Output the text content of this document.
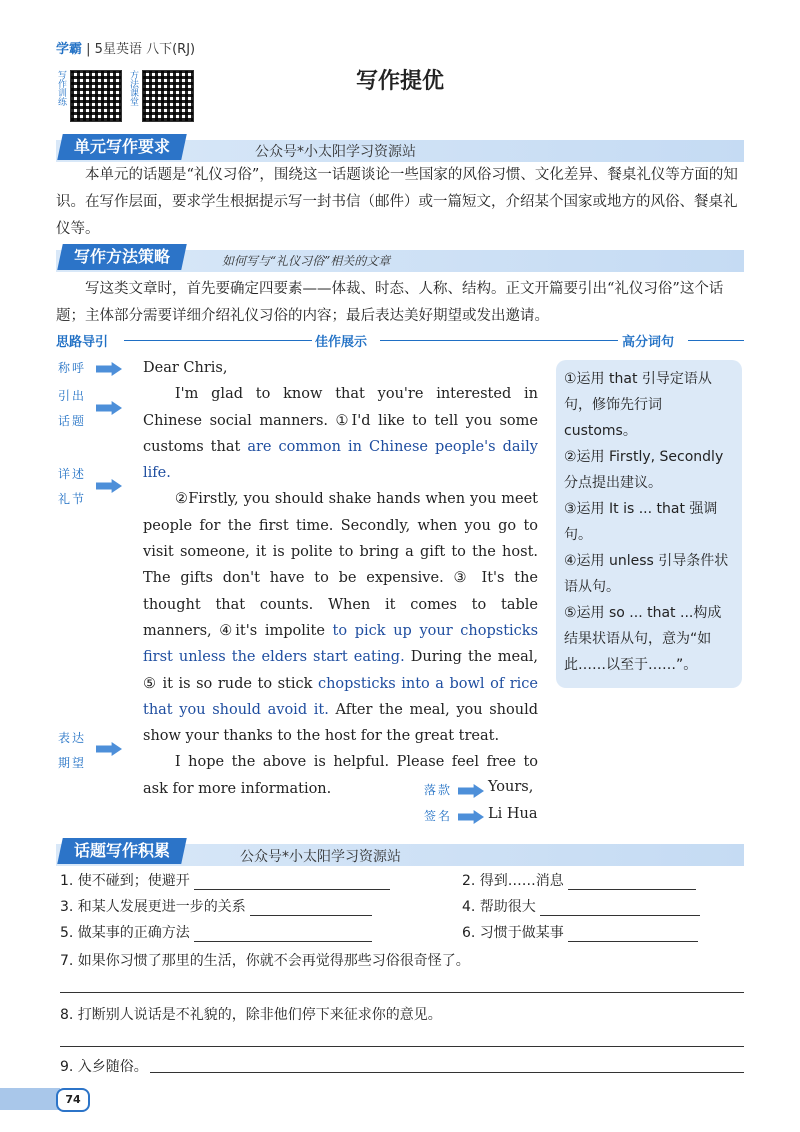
学霸 | 5星英语 八下(RJ)
写作训练	方法课堂	写作提优
单元写作要求	公众号*小太阳学习资源站
本单元的话题是“礼仪习俗”，围绕这一话题谈论一些国家的风俗习惯、文化差异、餐桌礼仪等方面的知识。在写作层面，要求学生根据提示写一封书信（邮件）或一篇短文，介绍某个国家或地方的风俗、餐桌礼仪等。
写作方法策略	如何写与“礼仪习俗”相关的文章
写这类文章时，首先要确定四要素——体裁、时态、人称、结构。正文开篇要引出“礼仪习俗”这个话题；主体部分需要详细介绍礼仪习俗的内容；最后表达美好期望或发出邀请。
思路导引	佳作展示	高分词句
称呼
引出话题
详述礼节
表达期望

Dear Chris,

I'm glad to know that you're interested in Chinese social manners. ①I'd like to tell you some customs that are common in Chinese people's daily life.

②Firstly, you should shake hands when you meet people for the first time. Secondly, when you go to visit someone, it is polite to bring a gift to the host. The gifts don't have to be expensive. ③ It's the thought that counts. When it comes to table manners, ④it's impolite to pick up your chopsticks first unless the elders start eating. During the meal, ⑤ it is so rude to stick chopsticks into a bowl of rice that you should avoid it. After the meal, you should show your thanks to the host for the great treat.

I hope the above is helpful. Please feel free to ask for more information.	落款 Yours,
签名 Li Hua
①运用 that 引导定语从句，修饰先行词 customs。
②运用 Firstly, Secondly 分点提出建议。
③运用 It is ... that 强调句。
④运用 unless 引导条件状语从句。
⑤运用 so ... that ...构成结果状语从句，意为“如此……以至于……”。
话题写作积累	公众号*小太阳学习资源站
1. 使不碰到；使避开	2. 得到……消息
3. 和某人发展更进一步的关系	4. 帮助很大
5. 做某事的正确方法	6. 习惯于做某事
7. 如果你习惯了那里的生活，你就不会再觉得那些习俗很奇怪了。
8. 打断别人说话是不礼貌的，除非他们停下来征求你的意见。
9. 入乡随俗。
74
